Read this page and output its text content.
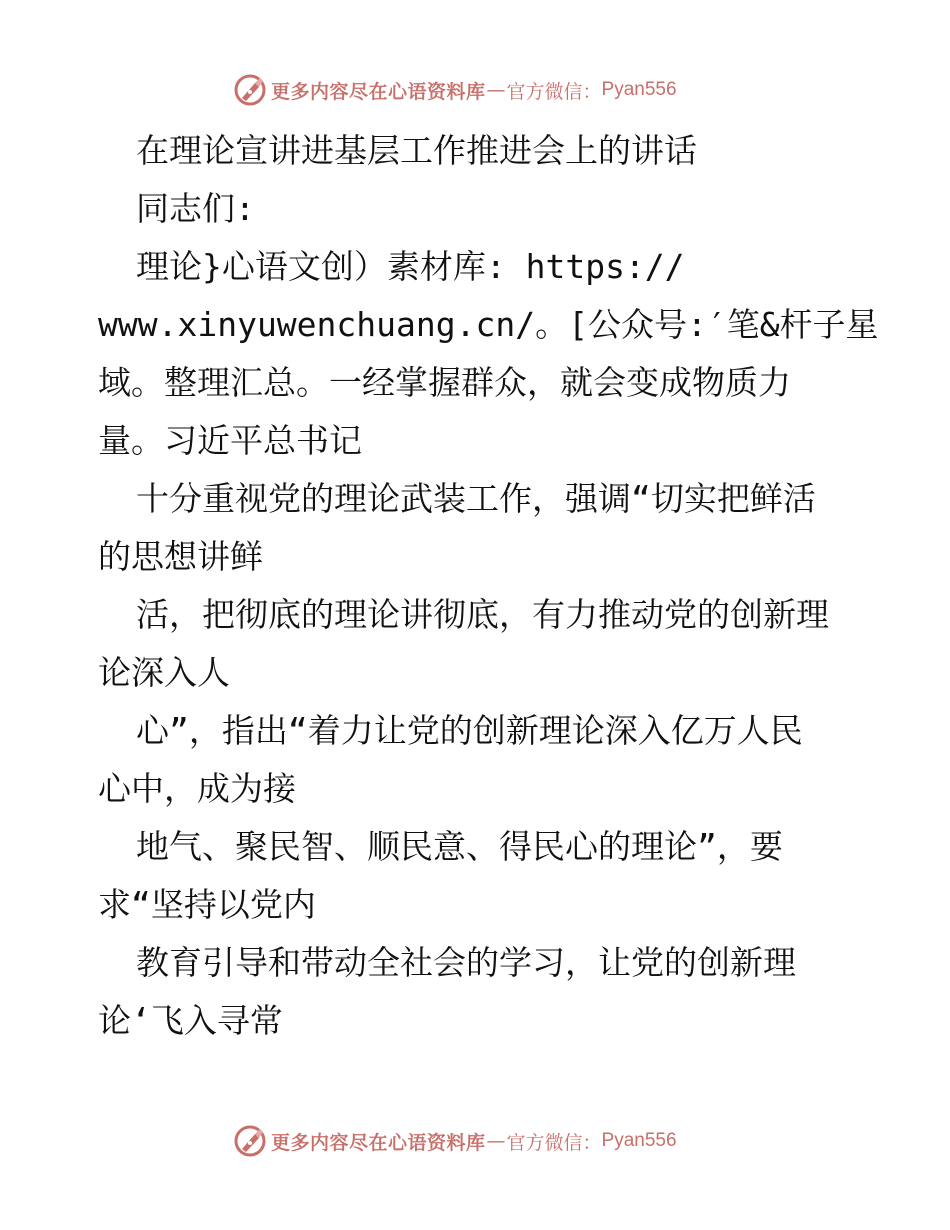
更多内容尽在心语资料库 — 官方微信： Pyan556
在理论宣讲进基层工作推进会上的讲话
同志们:
理论}心语文创）素材库: https://
www.xinyuwenchuang.cn/。[公众号:′笔&杆子星
域。整理汇总。一经掌握群众，就会变成物质力
量。习近平总书记
十分重视党的理论武装工作，强调“切实把鲜活
的思想讲鲜
活，把彻底的理论讲彻底，有力推动党的创新理
论深入人
心”，指出“着力让党的创新理论深入亿万人民
心中，成为接
地气、聚民智、顺民意、得民心的理论”，要
求“坚持以党内
教育引导和带动全社会的学习，让党的创新理
论‘飞入寻常
更多内容尽在心语资料库 — 官方微信： Pyan556
